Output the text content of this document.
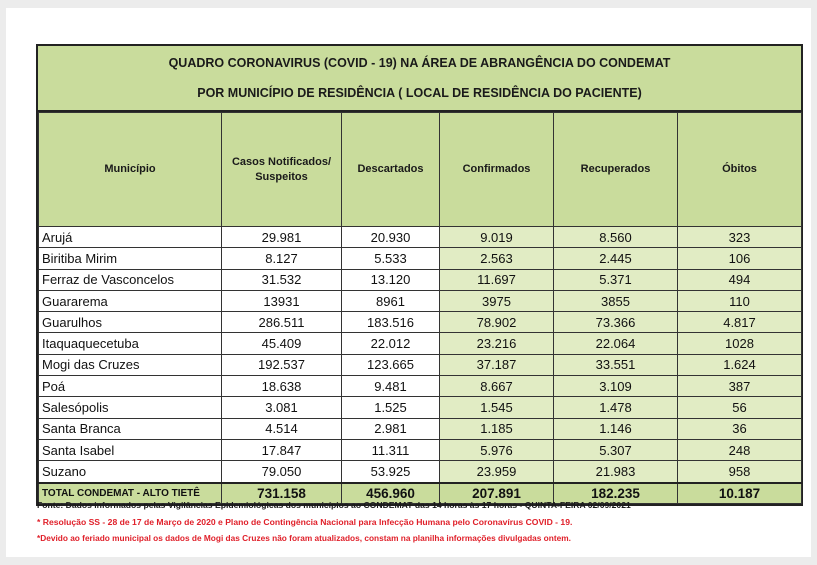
QUADRO CORONAVIRUS (COVID - 19) NA ÁREA DE ABRANGÊNCIA DO CONDEMAT
POR MUNICÍPIO DE RESIDÊNCIA ( LOCAL DE RESIDÊNCIA DO PACIENTE)
Município	Casos Notificados/ Suspeitos	Descartados	Confirmados	Recuperados	Óbitos
Arujá	29.981	20.930	9.019	8.560	323
Biritiba Mirim	8.127	5.533	2.563	2.445	106
Ferraz de Vasconcelos	31.532	13.120	11.697	5.371	494
Guararema	13931	8961	3975	3855	110
Guarulhos	286.511	183.516	78.902	73.366	4.817
Itaquaquecetuba	45.409	22.012	23.216	22.064	1028
Mogi das Cruzes	192.537	123.665	37.187	33.551	1.624
Poá	18.638	9.481	8.667	3.109	387
Salesópolis	3.081	1.525	1.545	1.478	56
Santa Branca	4.514	2.981	1.185	1.146	36
Santa Isabel	17.847	11.311	5.976	5.307	248
Suzano	79.050	53.925	23.959	21.983	958
TOTAL CONDEMAT - ALTO TIETÊ	731.158	456.960	207.891	182.235	10.187
Fonte: Dados informados pelas Vigilâncias Epidemiológicas dos municípios ao CONDEMAT das 14 horas às 17 horas - QUINTA-FEIRA 02/09/2021
* Resolução SS - 28 de 17 de Março de 2020 e Plano de Contingência Nacional para Infecção Humana pelo Coronavírus COVID - 19.
*Devido ao feriado municipal os dados de Mogi das Cruzes não foram atualizados, constam na planilha informações divulgadas ontem.
